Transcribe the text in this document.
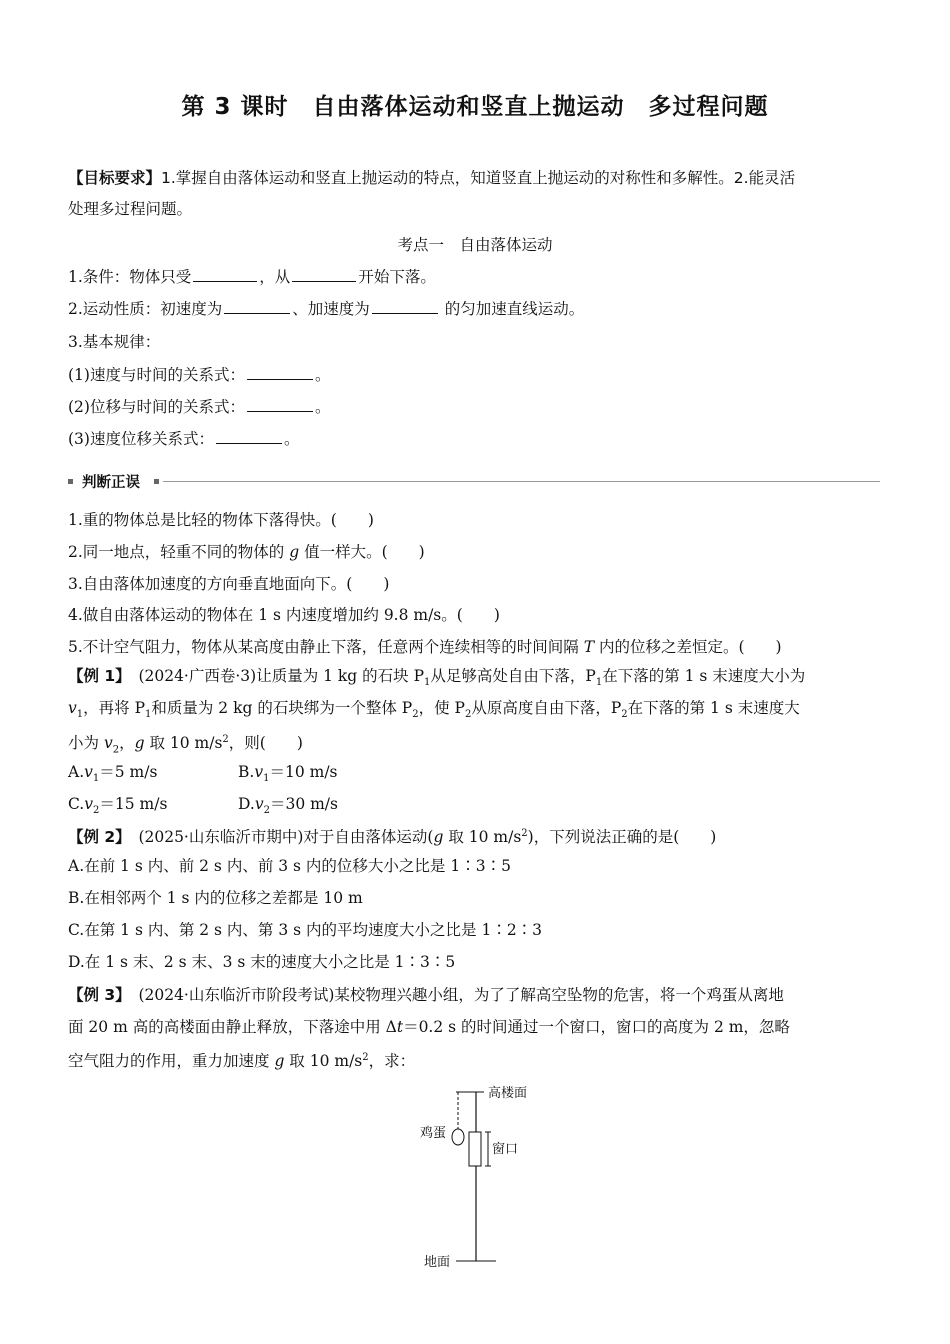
第 3 课时　自由落体运动和竖直上抛运动　多过程问题
【目标要求】1.掌握自由落体运动和竖直上抛运动的特点，知道竖直上抛运动的对称性和多解性。2.能灵活
处理多过程问题。
考点一　自由落体运动
1.条件：物体只受	，从	开始下落。
2.运动性质：初速度为	、加速度为	的匀加速直线运动。
3.基本规律：
(1)速度与时间的关系式：	。
(2)位移与时间的关系式：	。
(3)速度位移关系式：	。
判断正误
1.重的物体总是比轻的物体下落得快。(　　)
2.同一地点，轻重不同的物体的 g 值一样大。(　　)
3.自由落体加速度的方向垂直地面向下。(　　)
4.做自由落体运动的物体在 1 s 内速度增加约 9.8 m/s。(　　)
5.不计空气阻力，物体从某高度由静止下落，任意两个连续相等的时间间隔 T 内的位移之差恒定。(　　)
【例 1】　(2024·广西卷·3)让质量为 1 kg 的石块 $P_1$从足够高处自由下落，$P_1$在下落的第 1 s 末速度大小为
$v_1$，再将 $P_1$和质量为 2 kg 的石块绑为一个整体 $P_2$，使 $P_2$从原高度自由下落，$P_2$在下落的第 1 s 末速度大
小为 $v_2$，g 取 10 $m/s^2$，则(　　)
$A.v_1=5$ m/s	$B.v_1=10$ m/s
$C.v_2=15$ m/s	$D.v_2=30$ m/s
【例 2】　(2025·山东临沂市期中)对于自由落体运动(g 取 10 $m/s^2$)，下列说法正确的是(　　)
A.在前 1 s 内、前 2 s 内、前 3 s 内的位移大小之比是 1∶3∶5
B.在相邻两个 1 s 内的位移之差都是 10 m
C.在第 1 s 内、第 2 s 内、第 3 s 内的平均速度大小之比是 1∶2∶3
D.在 1 s 末、2 s 末、3 s 末的速度大小之比是 1∶3∶5
【例 3】　(2024·山东临沂市阶段考试)某校物理兴趣小组，为了了解高空坠物的危害，将一个鸡蛋从离地
面 20 m 高的高楼面由静止释放，下落途中用 Δt＝0.2 s 的时间通过一个窗口，窗口的高度为 2 m，忽略
空气阻力的作用，重力加速度 g 取 10 $m/s^2$，求：
高楼面
鸡蛋
窗口
地面
